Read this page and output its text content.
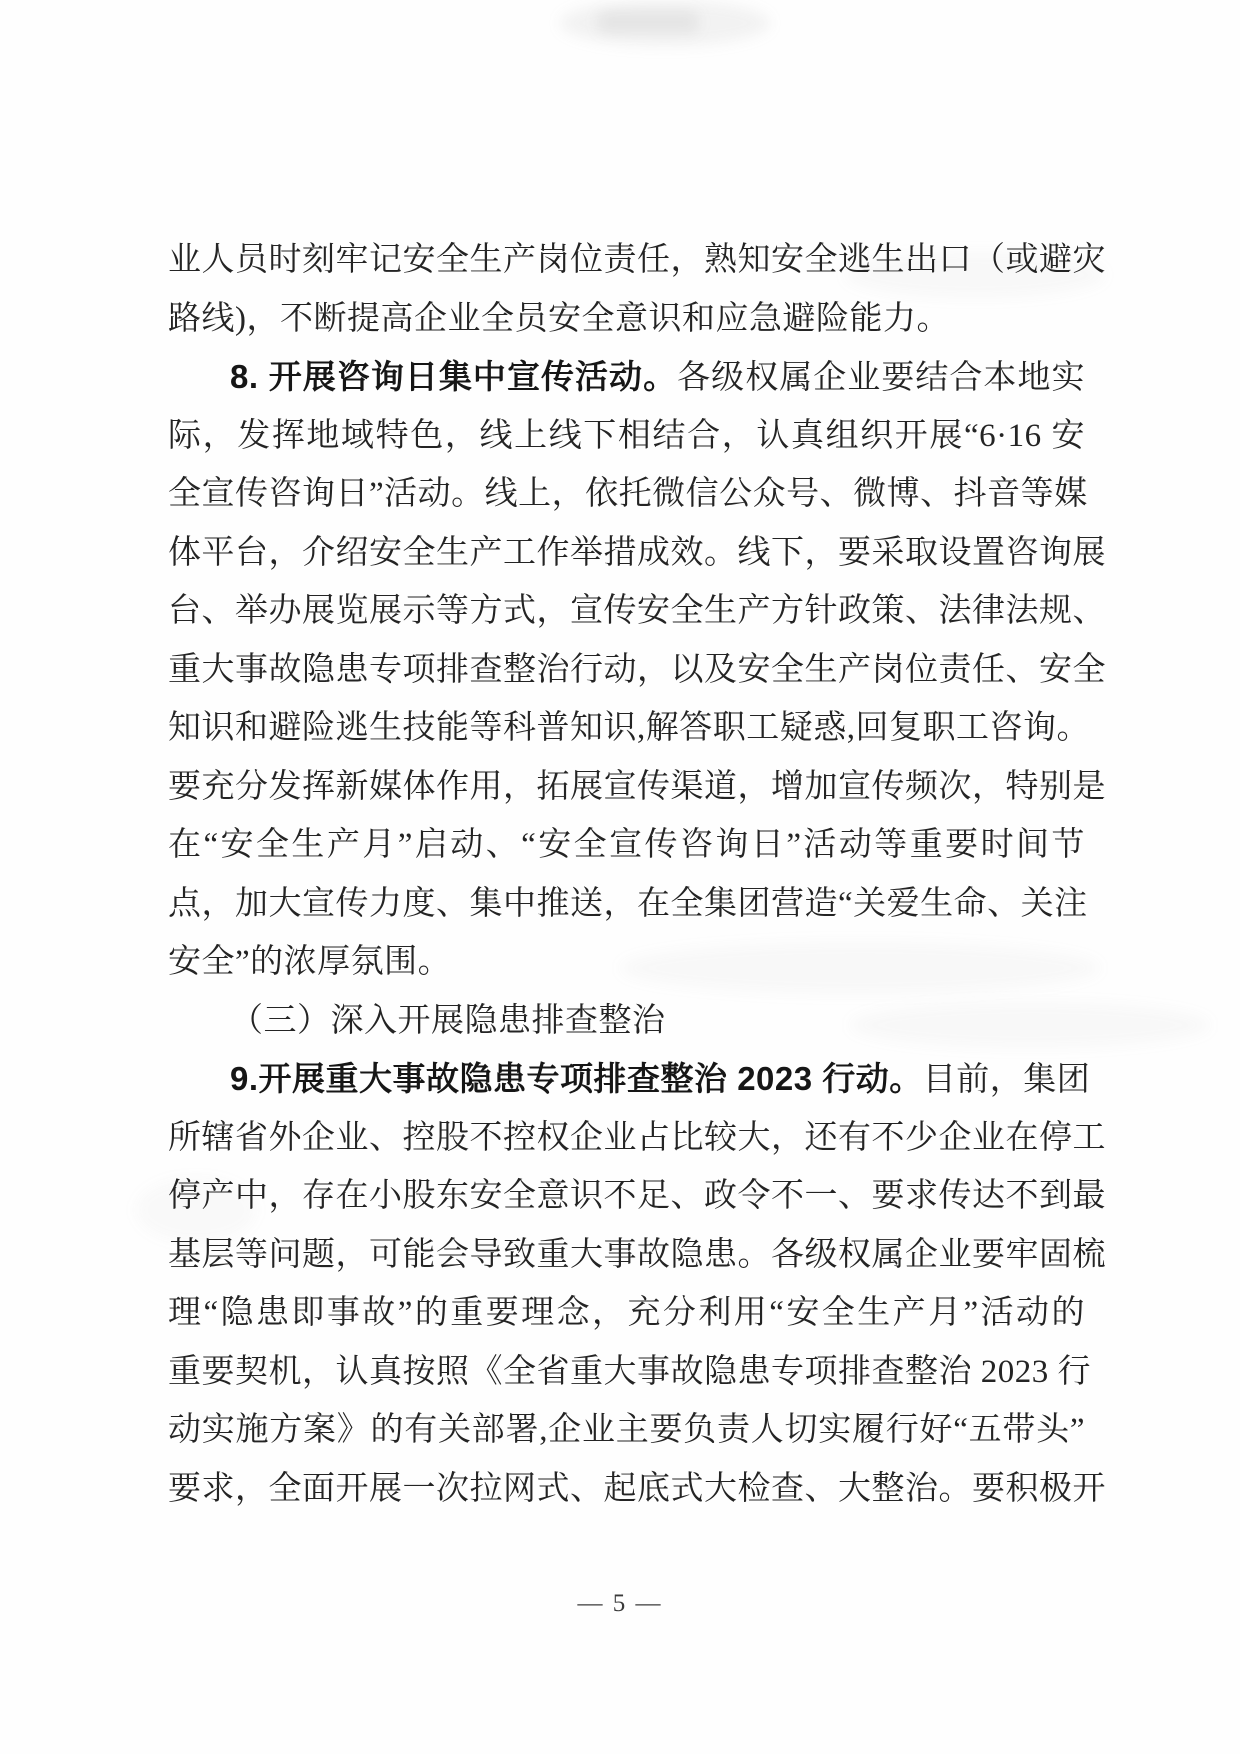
业人员时刻牢记安全生产岗位责任，熟知安全逃生出口（或避灾

路线)，不断提高企业全员安全意识和应急避险能力。

8. 开展咨询日集中宣传活动。各级权属企业要结合本地实

际，发挥地域特色，线上线下相结合，认真组织开展“6·16 安

全宣传咨询日”活动。线上，依托微信公众号、微博、抖音等媒

体平台，介绍安全生产工作举措成效。线下，要采取设置咨询展

台、举办展览展示等方式，宣传安全生产方针政策、法律法规、

重大事故隐患专项排查整治行动，以及安全生产岗位责任、安全

知识和避险逃生技能等科普知识,解答职工疑惑,回复职工咨询。

要充分发挥新媒体作用，拓展宣传渠道，增加宣传频次，特别是

在“安全生产月”启动、“安全宣传咨询日”活动等重要时间节

点，加大宣传力度、集中推送，在全集团营造“关爱生命、关注

安全”的浓厚氛围。

（三）深入开展隐患排查整治

9.开展重大事故隐患专项排查整治 2023 行动。目前，集团

所辖省外企业、控股不控权企业占比较大，还有不少企业在停工

停产中，存在小股东安全意识不足、政令不一、要求传达不到最

基层等问题，可能会导致重大事故隐患。各级权属企业要牢固梳

理“隐患即事故”的重要理念，充分利用“安全生产月”活动的

重要契机，认真按照《全省重大事故隐患专项排查整治 2023 行

动实施方案》的有关部署,企业主要负责人切实履行好“五带头”

要求，全面开展一次拉网式、起底式大检查、大整治。要积极开

— 5 —
